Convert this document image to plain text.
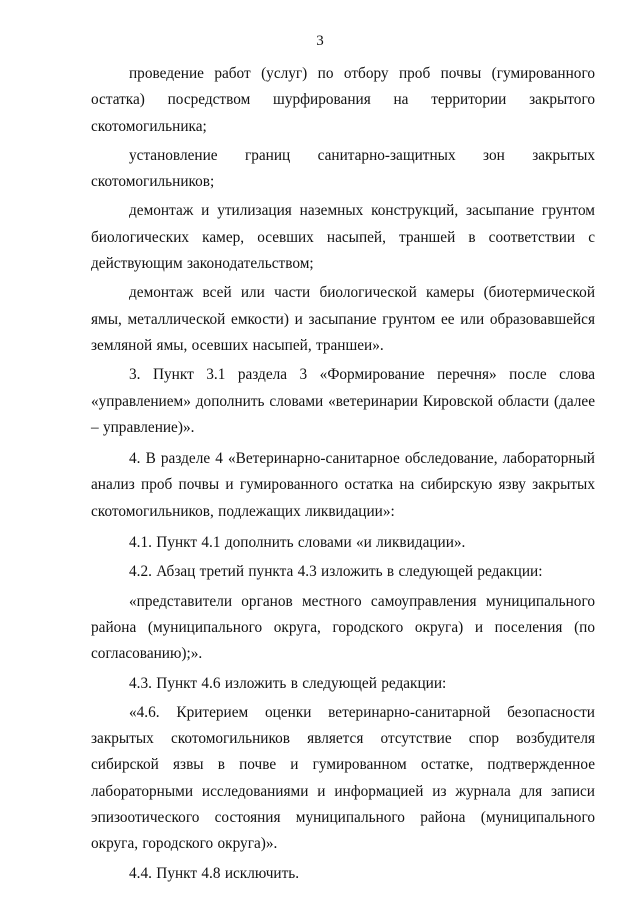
3

проведение работ (услуг) по отбору проб почвы (гумированного остатка) посредством шурфирования на территории закрытого скотомогильника;

установление границ санитарно-защитных зон закрытых скотомогильников;

демонтаж и утилизация наземных конструкций, засыпание грунтом биологических камер, осевших насыпей, траншей в соответствии с действующим законодательством;

демонтаж всей или части биологической камеры (биотермической ямы, металлической емкости) и засыпание грунтом ее или образовавшейся земляной ямы, осевших насыпей, траншеи».

3. Пункт 3.1 раздела 3 «Формирование перечня» после слова «управлением» дополнить словами «ветеринарии Кировской области (далее – управление)».

4. В разделе 4 «Ветеринарно-санитарное обследование, лабораторный анализ проб почвы и гумированного остатка на сибирскую язву закрытых скотомогильников, подлежащих ликвидации»:

4.1. Пункт 4.1 дополнить словами «и ликвидации».

4.2. Абзац третий пункта 4.3 изложить в следующей редакции:

«представители органов местного самоуправления муниципального района (муниципального округа, городского округа) и поселения (по согласованию);».

4.3. Пункт 4.6 изложить в следующей редакции:

«4.6. Критерием оценки ветеринарно-санитарной безопасности закрытых скотомогильников является отсутствие спор возбудителя сибирской язвы в почве и гумированном остатке, подтвержденное лабораторными исследованиями и информацией из журнала для записи эпизоотического состояния муниципального района (муниципального округа, городского округа)».

4.4. Пункт 4.8 исключить.
